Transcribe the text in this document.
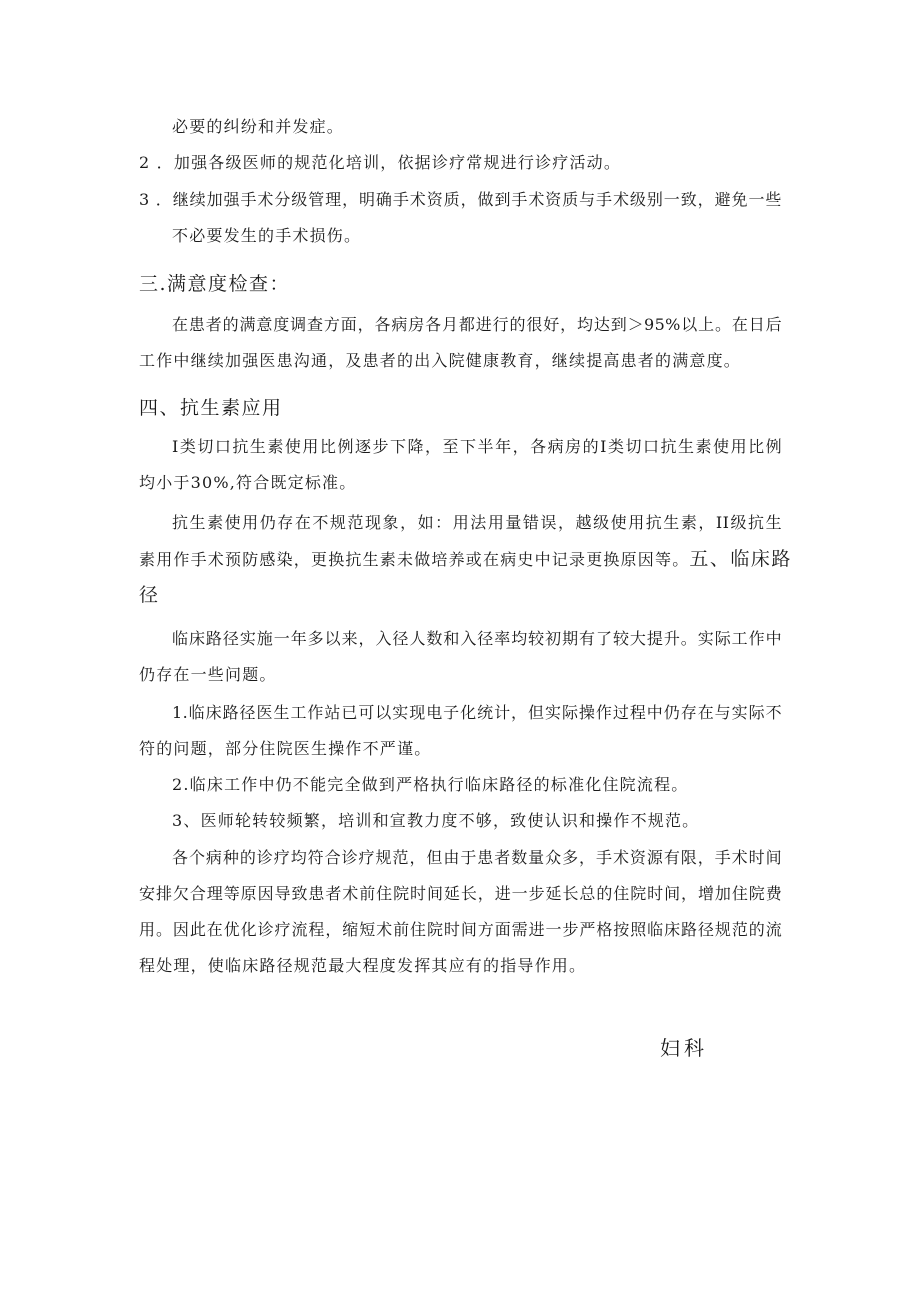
必要的纠纷和并发症。
2 ．加强各级医师的规范化培训，依据诊疗常规进行诊疗活动。
3 ．继续加强手术分级管理，明确手术资质，做到手术资质与手术级别一致，避免一些
不必要发生的手术损伤。
三.满意度检查：
在患者的满意度调查方面，各病房各月都进行的很好，均达到＞95%以上。在日后
工作中继续加强医患沟通，及患者的出入院健康教育，继续提高患者的满意度。
四、抗生素应用
I类切口抗生素使用比例逐步下降，至下半年，各病房的I类切口抗生素使用比例
均小于30%,符合既定标准。
抗生素使用仍存在不规范现象，如：用法用量错误，越级使用抗生素，II级抗生
素用作手术预防感染，更换抗生素未做培养或在病史中记录更换原因等。五、临床路
径
临床路径实施一年多以来，入径人数和入径率均较初期有了较大提升。实际工作中
仍存在一些问题。
1.临床路径医生工作站已可以实现电子化统计，但实际操作过程中仍存在与实际不
符的问题，部分住院医生操作不严谨。
2.临床工作中仍不能完全做到严格执行临床路径的标准化住院流程。
3、医师轮转较频繁，培训和宣教力度不够，致使认识和操作不规范。
各个病种的诊疗均符合诊疗规范，但由于患者数量众多，手术资源有限，手术时间
安排欠合理等原因导致患者术前住院时间延长，进一步延长总的住院时间，增加住院费
用。因此在优化诊疗流程，缩短术前住院时间方面需进一步严格按照临床路径规范的流
程处理，使临床路径规范最大程度发挥其应有的指导作用。
妇科
